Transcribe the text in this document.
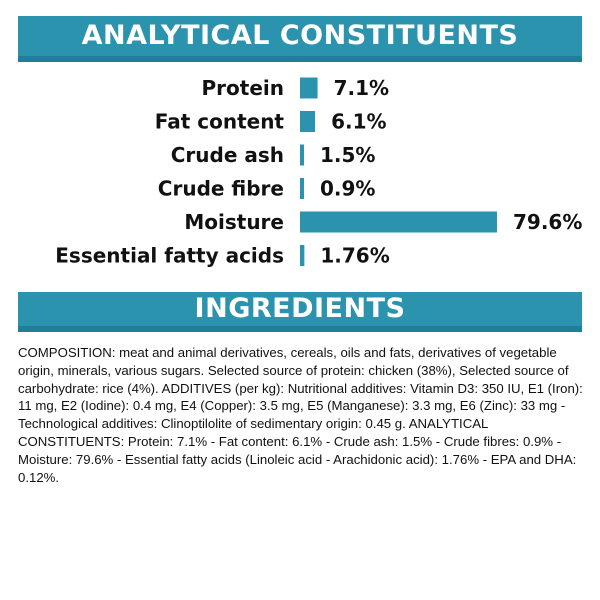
ANALYTICAL CONSTITUENTS
Protein 7.1%
Fat content 6.1%
Crude ash 1.5%
Crude fibre 0.9%
Moisture	79.6%
Essential fatty acids 1.76%
INGREDIENTS

COMPOSITION: meat and animal derivatives, cereals, oils and fats, derivatives of vegetable origin, minerals, various sugars. Selected source of protein: chicken (38%), Selected source of carbohydrate: rice (4%). ADDITIVES (per kg): Nutritional additives: Vitamin D3: 350 IU, E1 (Iron): 11 mg, E2 (Iodine): 0.4 mg, E4 (Copper): 3.5 mg, E5 (Manganese): 3.3 mg, E6 (Zinc): 33 mg - Technological additives: Clinoptilolite of sedimentary origin: 0.45 g. ANALYTICAL CONSTITUENTS: Protein: 7.1% - Fat content: 6.1% - Crude ash: 1.5% - Crude fibres: 0.9% - Moisture: 79.6% - Essential fatty acids (Linoleic acid - Arachidonic acid): 1.76% - EPA and DHA: 0.12%.
